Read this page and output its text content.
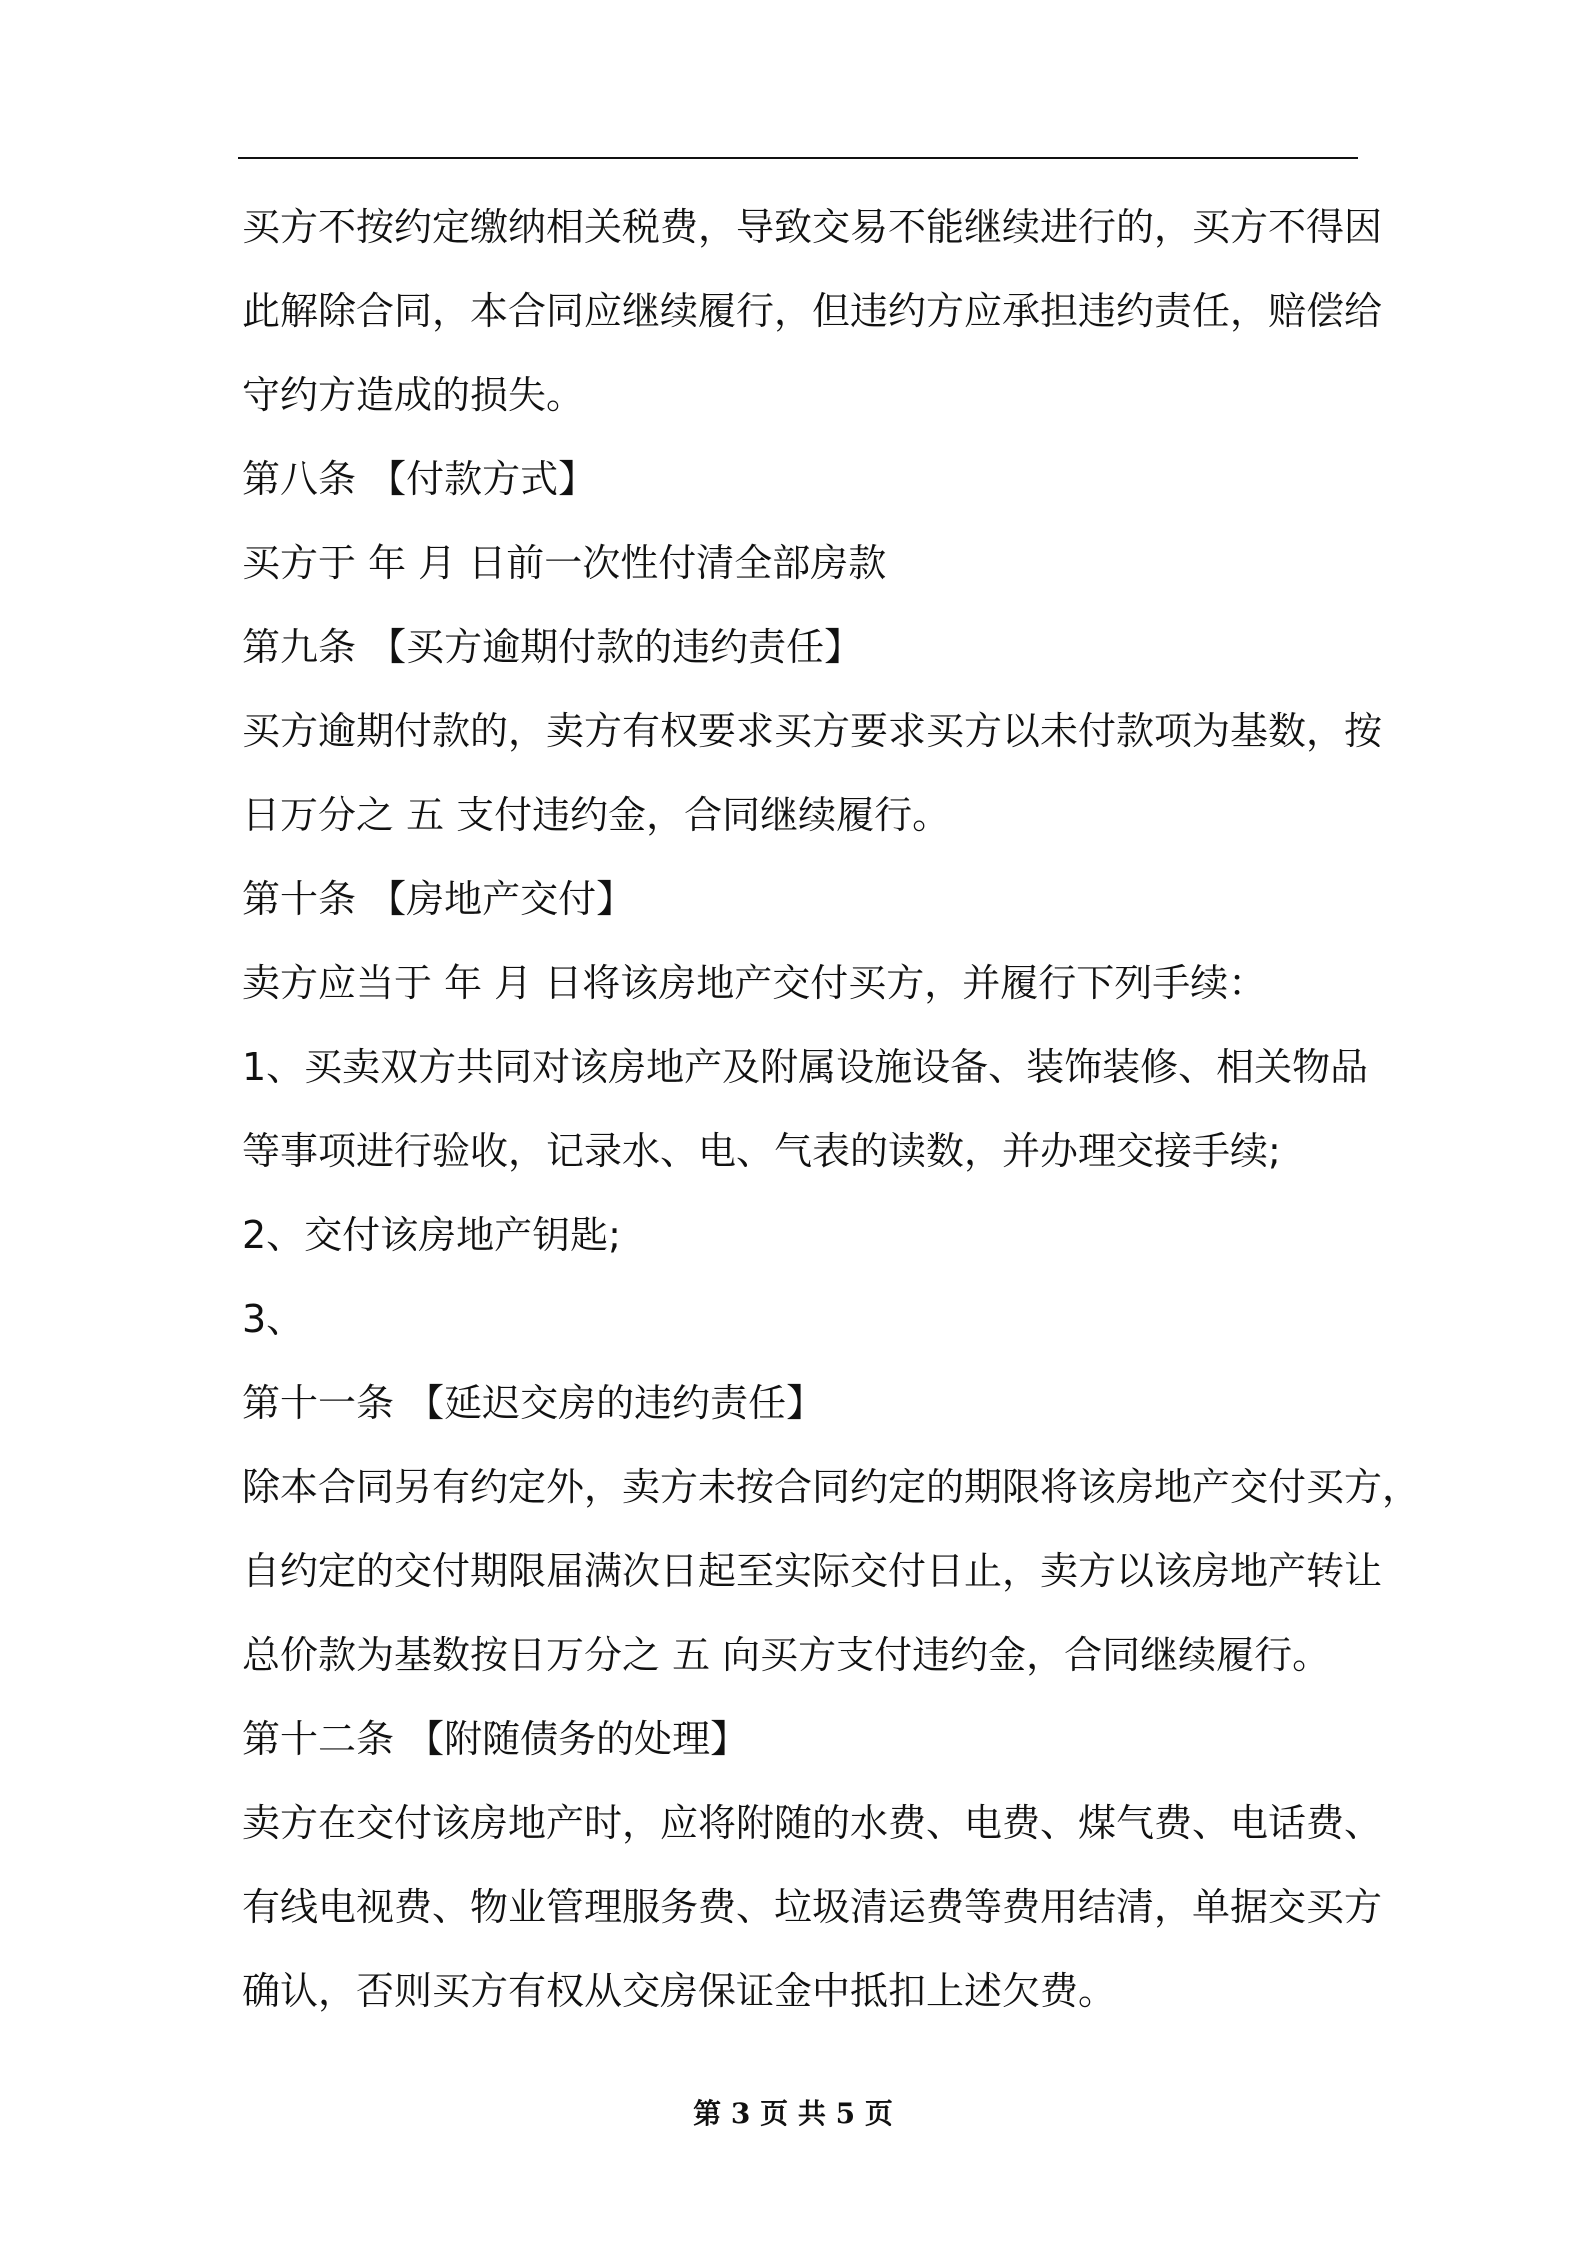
买方不按约定缴纳相关税费，导致交易不能继续进行的，买方不得因
此解除合同，本合同应继续履行，但违约方应承担违约责任，赔偿给
守约方造成的损失。
第八条 【付款方式】
买方于 年 月 日前一次性付清全部房款
第九条 【买方逾期付款的违约责任】
买方逾期付款的，卖方有权要求买方要求买方以未付款项为基数，按
日万分之 五 支付违约金，合同继续履行。
第十条 【房地产交付】
卖方应当于 年 月 日将该房地产交付买方，并履行下列手续：
1、买卖双方共同对该房地产及附属设施设备、装饰装修、相关物品
等事项进行验收，记录水、电、气表的读数，并办理交接手续;
2、交付该房地产钥匙;
3、
第十一条 【延迟交房的违约责任】
除本合同另有约定外，卖方未按合同约定的期限将该房地产交付买方，
自约定的交付期限届满次日起至实际交付日止，卖方以该房地产转让
总价款为基数按日万分之 五 向买方支付违约金，合同继续履行。
第十二条 【附随债务的处理】
卖方在交付该房地产时，应将附随的水费、电费、煤气费、电话费、
有线电视费、物业管理服务费、垃圾清运费等费用结清，单据交买方
确认，否则买方有权从交房保证金中抵扣上述欠费。
第 3 页 共 5 页
